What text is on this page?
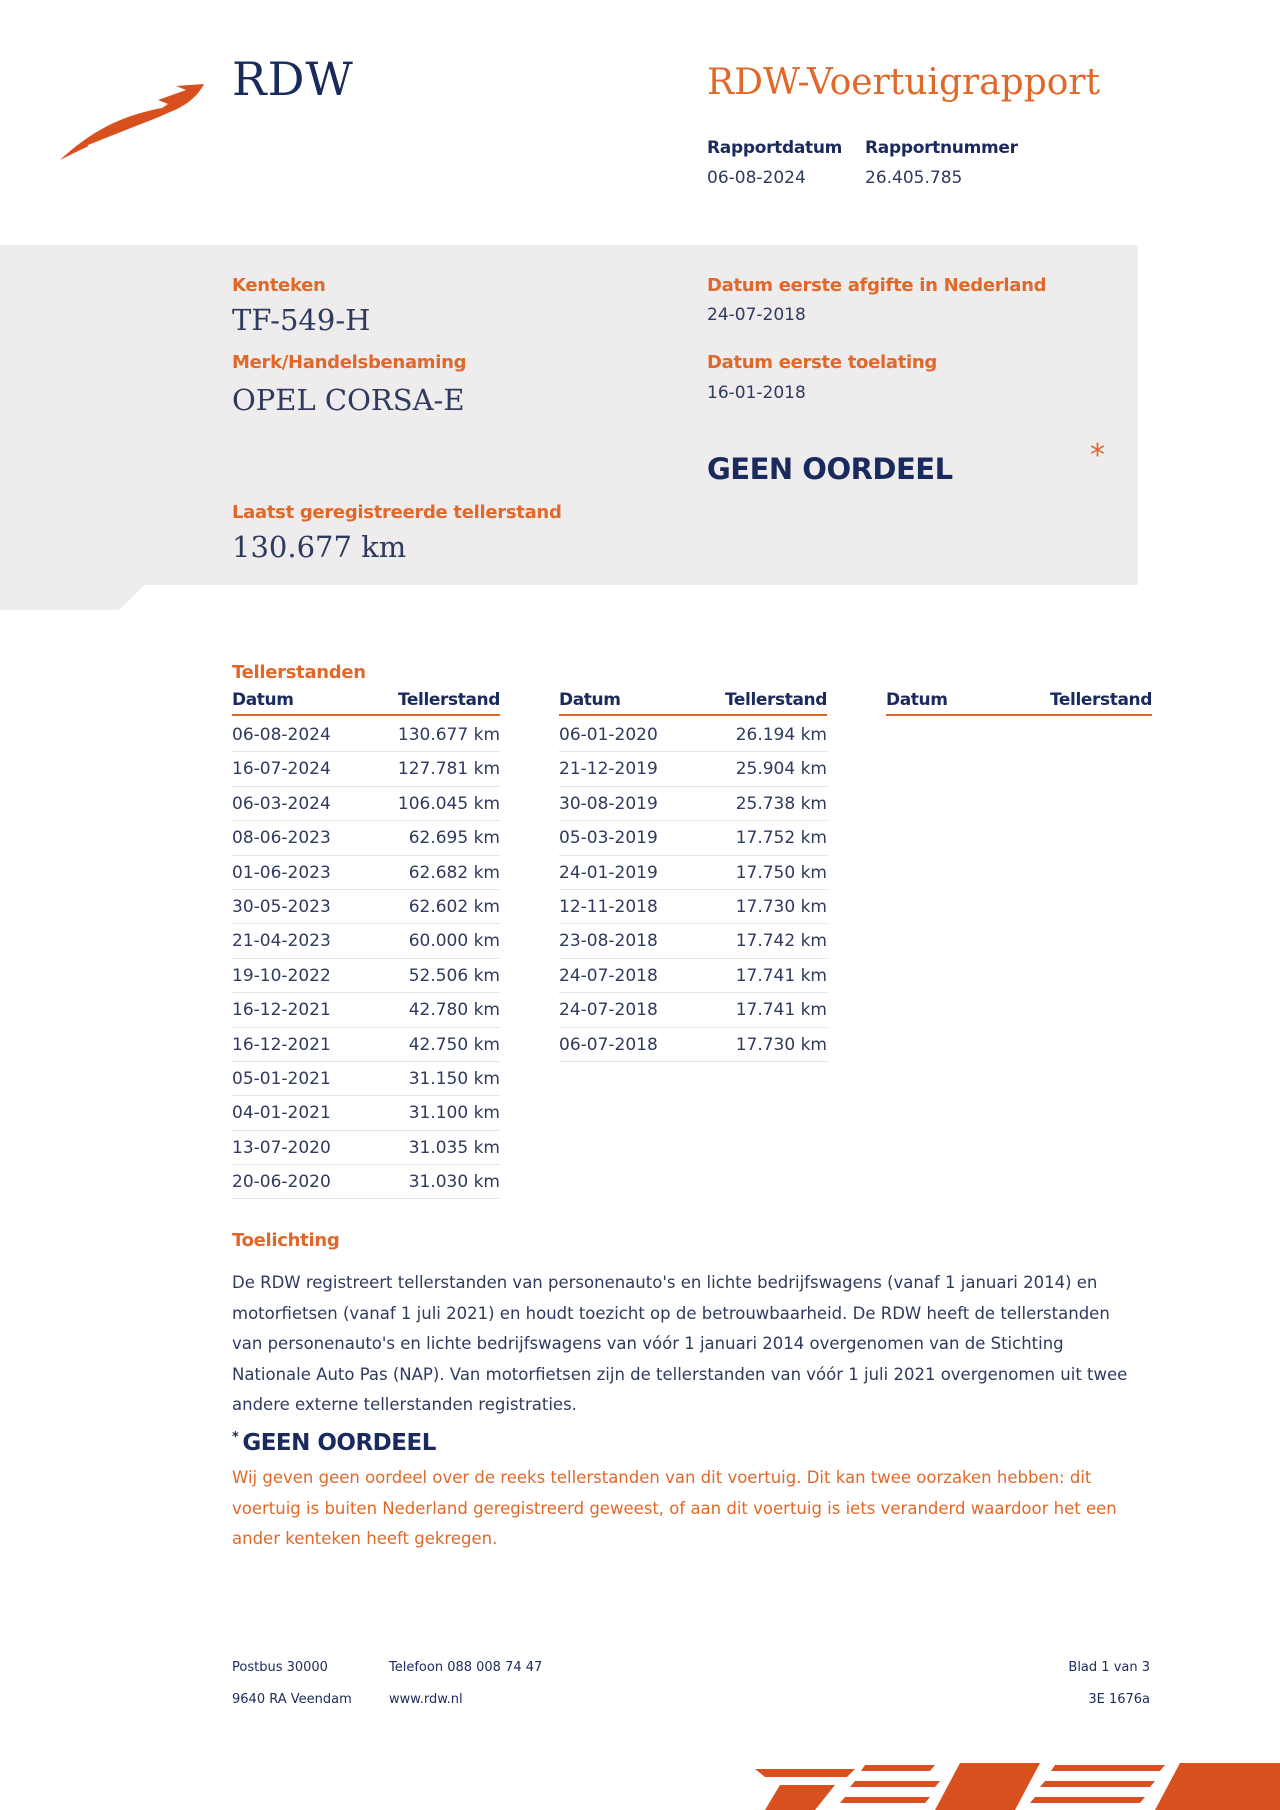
RDW	RDW-Voertuigrapport
Rapportdatum
06-08-2024
Rapportnummer
26.405.785
Kenteken
TF-549-H
Merk/Handelsbenaming
OPEL CORSA-E
Datum eerste afgifte in Nederland
24-07-2018
Datum eerste toelating
16-01-2018
GEEN OORDEEL	*
Laatst geregistreerde tellerstand
130.677 km
Tellerstanden
Datum	Tellerstand
06-08-2024	130.677 km
16-07-2024	127.781 km
06-03-2024	106.045 km
08-06-2023	62.695 km
01-06-2023	62.682 km
30-05-2023	62.602 km
21-04-2023	60.000 km
19-10-2022	52.506 km
16-12-2021	42.780 km
16-12-2021	42.750 km
05-01-2021	31.150 km
04-01-2021	31.100 km
13-07-2020	31.035 km
20-06-2020	31.030 km
Datum	Tellerstand
06-01-2020	26.194 km
21-12-2019	25.904 km
30-08-2019	25.738 km
05-03-2019	17.752 km
24-01-2019	17.750 km
12-11-2018	17.730 km
23-08-2018	17.742 km
24-07-2018	17.741 km
24-07-2018	17.741 km
06-07-2018	17.730 km
Datum	Tellerstand
Toelichting
De RDW registreert tellerstanden van personenauto's en lichte bedrijfswagens (vanaf 1 januari 2014) en motorfietsen (vanaf 1 juli 2021) en houdt toezicht op de betrouwbaarheid. De RDW heeft de tellerstanden van personenauto's en lichte bedrijfswagens van vóór 1 januari 2014 overgenomen van de Stichting Nationale Auto Pas (NAP). Van motorfietsen zijn de tellerstanden van vóór 1 juli 2021 overgenomen uit twee andere externe tellerstanden registraties.
* GEEN OORDEEL
Wij geven geen oordeel over de reeks tellerstanden van dit voertuig. Dit kan twee oorzaken hebben: dit voertuig is buiten Nederland geregistreerd geweest, of aan dit voertuig is iets veranderd waardoor het een ander kenteken heeft gekregen.
Postbus 30000
9640 RA Veendam
Telefoon 088 008 74 47
www.rdw.nl
Blad 1 van 3
3E 1676a
